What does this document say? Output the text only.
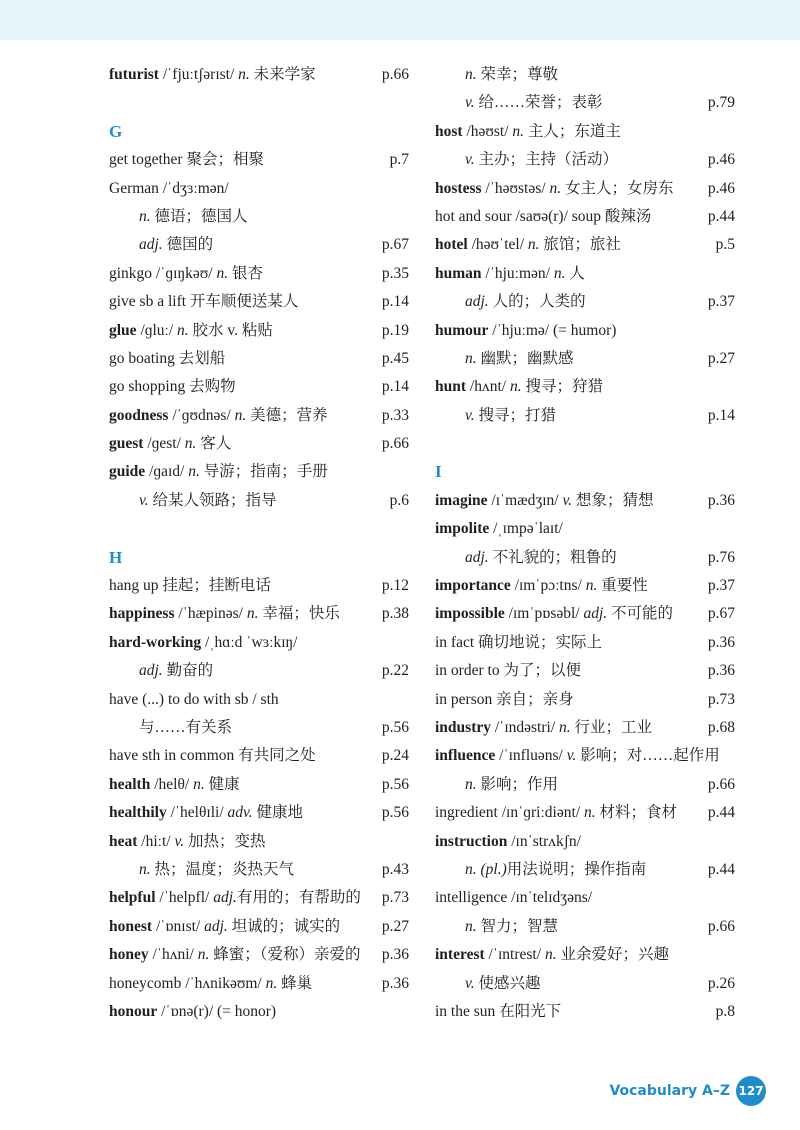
futurist /ˈfjuːtʃərɪst/ n. 未来学家	p.66
G
get together 聚会；相聚	p.7
German /ˈdʒɜːmən/
n. 德语；德国人
adj. 德国的	p.67
ginkgo /ˈɡɪŋkəʊ/ n. 银杏	p.35
give sb a lift 开车顺便送某人	p.14
glue /ɡluː/ n. 胶水 v. 粘贴	p.19
go boating 去划船	p.45
go shopping 去购物	p.14
goodness /ˈɡʊdnəs/ n. 美德；营养	p.33
guest /ɡest/ n. 客人	p.66
guide /ɡaɪd/ n. 导游；指南；手册
v. 给某人领路；指导	p.6
H
hang up 挂起；挂断电话	p.12
happiness /ˈhæpinəs/ n. 幸福；快乐	p.38
hard-working /ˌhɑːd ˈwɜːkɪŋ/
adj. 勤奋的	p.22
have (...) to do with sb / sth
与……有关系	p.56
have sth in common 有共同之处	p.24
health /helθ/ n. 健康	p.56
healthily /ˈhelθɪli/ adv. 健康地	p.56
heat /hiːt/ v. 加热；变热
n. 热；温度；炎热天气	p.43
helpful /ˈhelpfl/ adj.有用的；有帮助的 p.73
honest /ˈɒnɪst/ adj. 坦诚的；诚实的	p.27
honey /ˈhʌni/ n. 蜂蜜；（爱称）亲爱的 p.36
honeycomb /ˈhʌnikəʊm/ n. 蜂巢	p.36
honour /ˈɒnə(r)/ (= honor)
n. 荣幸；尊敬
v. 给……荣誉；表彰	p.79
host /həʊst/ n. 主人；东道主
v. 主办；主持（活动）	p.46
hostess /ˈhəʊstəs/ n. 女主人；女房东 p.46
hot and sour /saʊə(r)/ soup 酸辣汤	p.44
hotel /həʊˈtel/ n. 旅馆；旅社	p.5
human /ˈhjuːmən/ n. 人
adj. 人的；人类的	p.37
humour /ˈhjuːmə/ (= humor)
n. 幽默；幽默感	p.27
hunt /hʌnt/ n. 搜寻；狩猎
v. 搜寻；打猎	p.14
I
imagine /ɪˈmædʒɪn/ v. 想象；猜想	p.36
impolite /ˌɪmpəˈlaɪt/
adj. 不礼貌的；粗鲁的	p.76
importance /ɪmˈpɔːtns/ n. 重要性	p.37
impossible /ɪmˈpɒsəbl/ adj. 不可能的 p.67
in fact 确切地说；实际上	p.36
in order to 为了；以便	p.36
in person 亲自；亲身	p.73
industry /ˈɪndəstri/ n. 行业；工业	p.68
influence /ˈɪnfluəns/ v. 影响；对……起作用
n. 影响；作用	p.66
ingredient /ɪnˈɡriːdiənt/ n. 材料；食材 p.44
instruction /ɪnˈstrʌkʃn/
n. (pl.)用法说明；操作指南	p.44
intelligence /ɪnˈtelɪdʒəns/
n. 智力；智慧	p.66
interest /ˈɪntrest/ n. 业余爱好；兴趣
v. 使感兴趣	p.26
in the sun 在阳光下	p.8
Vocabulary A–Z 127
